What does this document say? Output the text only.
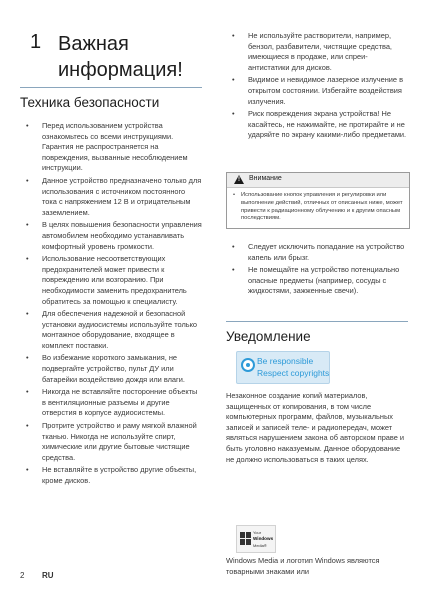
1 Важная
информация!
Техника безопасности
• Перед использованием устройства ознакомьтесь со всеми инструкциями. Гарантия не распространяется на повреждения, вызванные несоблюдением инструкции.
• Данное устройство предназначено только для использования с источником постоянного тока с напряжением 12 В и отрицательным заземлением.
• В целях повышения безопасности управления автомобилем необходимо устанавливать комфортный уровень громкости.
• Использование несоответствующих предохранителей может привести к повреждению или возгоранию. При необходимости заменить предохранитель обратитесь за помощью к специалисту.
• Для обеспечения надежной и безопасной установки аудиосистемы используйте только монтажное оборудование, входящее в комплект поставки.
• Во избежание короткого замыкания, не подвергайте устройство, пульт ДУ или батарейки воздействию дождя или влаги.
• Никогда не вставляйте посторонние объекты в вентиляционные разъемы и другие отверстия в корпусе аудиосистемы.
• Протрите устройство и раму мягкой влажной тканью. Никогда не используйте спирт, химические или другие бытовые чистящие средства.
• Не вставляйте в устройство другие объекты, кроме дисков.
• Не используйте растворители, например, бензол, разбавители, чистящие средства, имеющиеся в продаже, или спреи-антистатики для дисков.
• Видимое и невидимое лазерное излучение в открытом состоянии. Избегайте воздействия излучения.
• Риск повреждения экрана устройства! Не касайтесь, не нажимайте, не протирайте и не ударяйте по экрану какими-либо предметами.
! Внимание
• Использование кнопок управления и регулировки или выполнение действий, отличных от описанных ниже, может привести к радиационному облучению и к другим опасным последствиям.
• Следует исключить попадание на устройство капель или брызг.
• Не помещайте на устройство потенциально опасные предметы (например, сосуды с жидкостями, зажженные свечи).
Уведомление
Be responsible
Respect copyrights
Незаконное создание копий материалов, защищенных от копирования, в том числе компьютерных программ, файлов, музыкальных записей и записей теле- и радиопередач, может являться нарушением закона об авторском праве и быть уголовно наказуемым. Данное оборудование не должно использоваться в таких целях.
Your
Windows
Media®
Windows Media и логотип Windows являются товарными знаками или
2 RU
